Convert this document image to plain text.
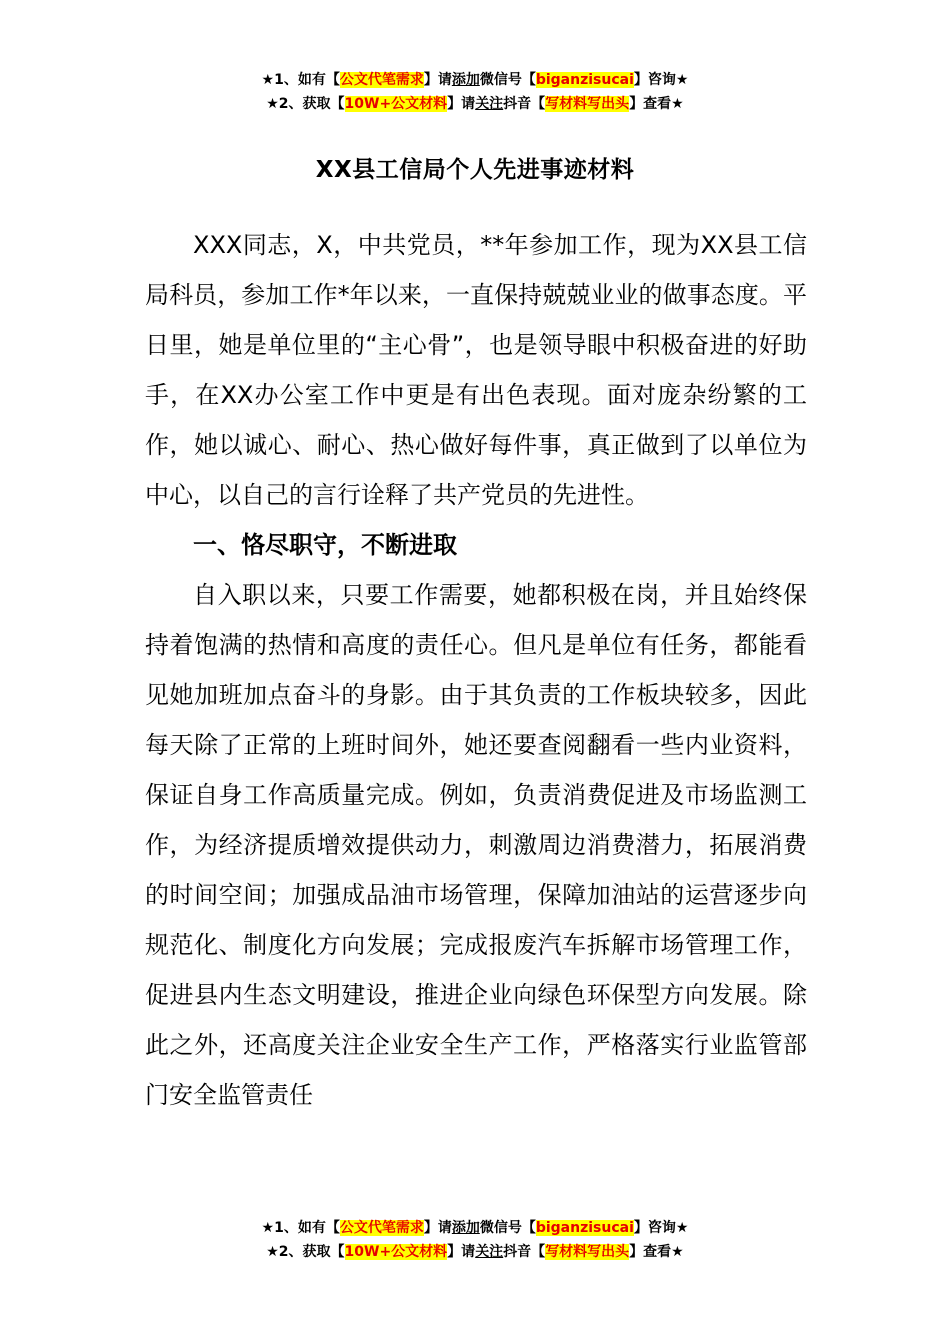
★1、如有【公文代笔需求】请添加微信号【biganzisucai】咨询★
★2、获取【10W+公文材料】请关注抖音【写材料写出头】查看★
XX县工信局个人先进事迹材料

XXX同志，X，中共党员，**年参加工作，现为XX县工信局科员，参加工作*年以来，一直保持兢兢业业的做事态度。平日里，她是单位里的“主心骨”，也是领导眼中积极奋进的好助手，在XX办公室工作中更是有出色表现。面对庞杂纷繁的工作，她以诚心、耐心、热心做好每件事，真正做到了以单位为中心，以自己的言行诠释了共产党员的先进性。

一、恪尽职守，不断进取

自入职以来，只要工作需要，她都积极在岗，并且始终保持着饱满的热情和高度的责任心。但凡是单位有任务，都能看见她加班加点奋斗的身影。由于其负责的工作板块较多，因此每天除了正常的上班时间外，她还要查阅翻看一些内业资料，保证自身工作高质量完成。例如，负责消费促进及市场监测工作，为经济提质增效提供动力，刺激周边消费潜力，拓展消费的时间空间；加强成品油市场管理，保障加油站的运营逐步向规范化、制度化方向发展；完成报废汽车拆解市场管理工作，促进县内生态文明建设，推进企业向绿色环保型方向发展。除此之外，还高度关注企业安全生产工作，严格落实行业监管部门安全监管责任

★1、如有【公文代笔需求】请添加微信号【biganzisucai】咨询★
★2、获取【10W+公文材料】请关注抖音【写材料写出头】查看★
